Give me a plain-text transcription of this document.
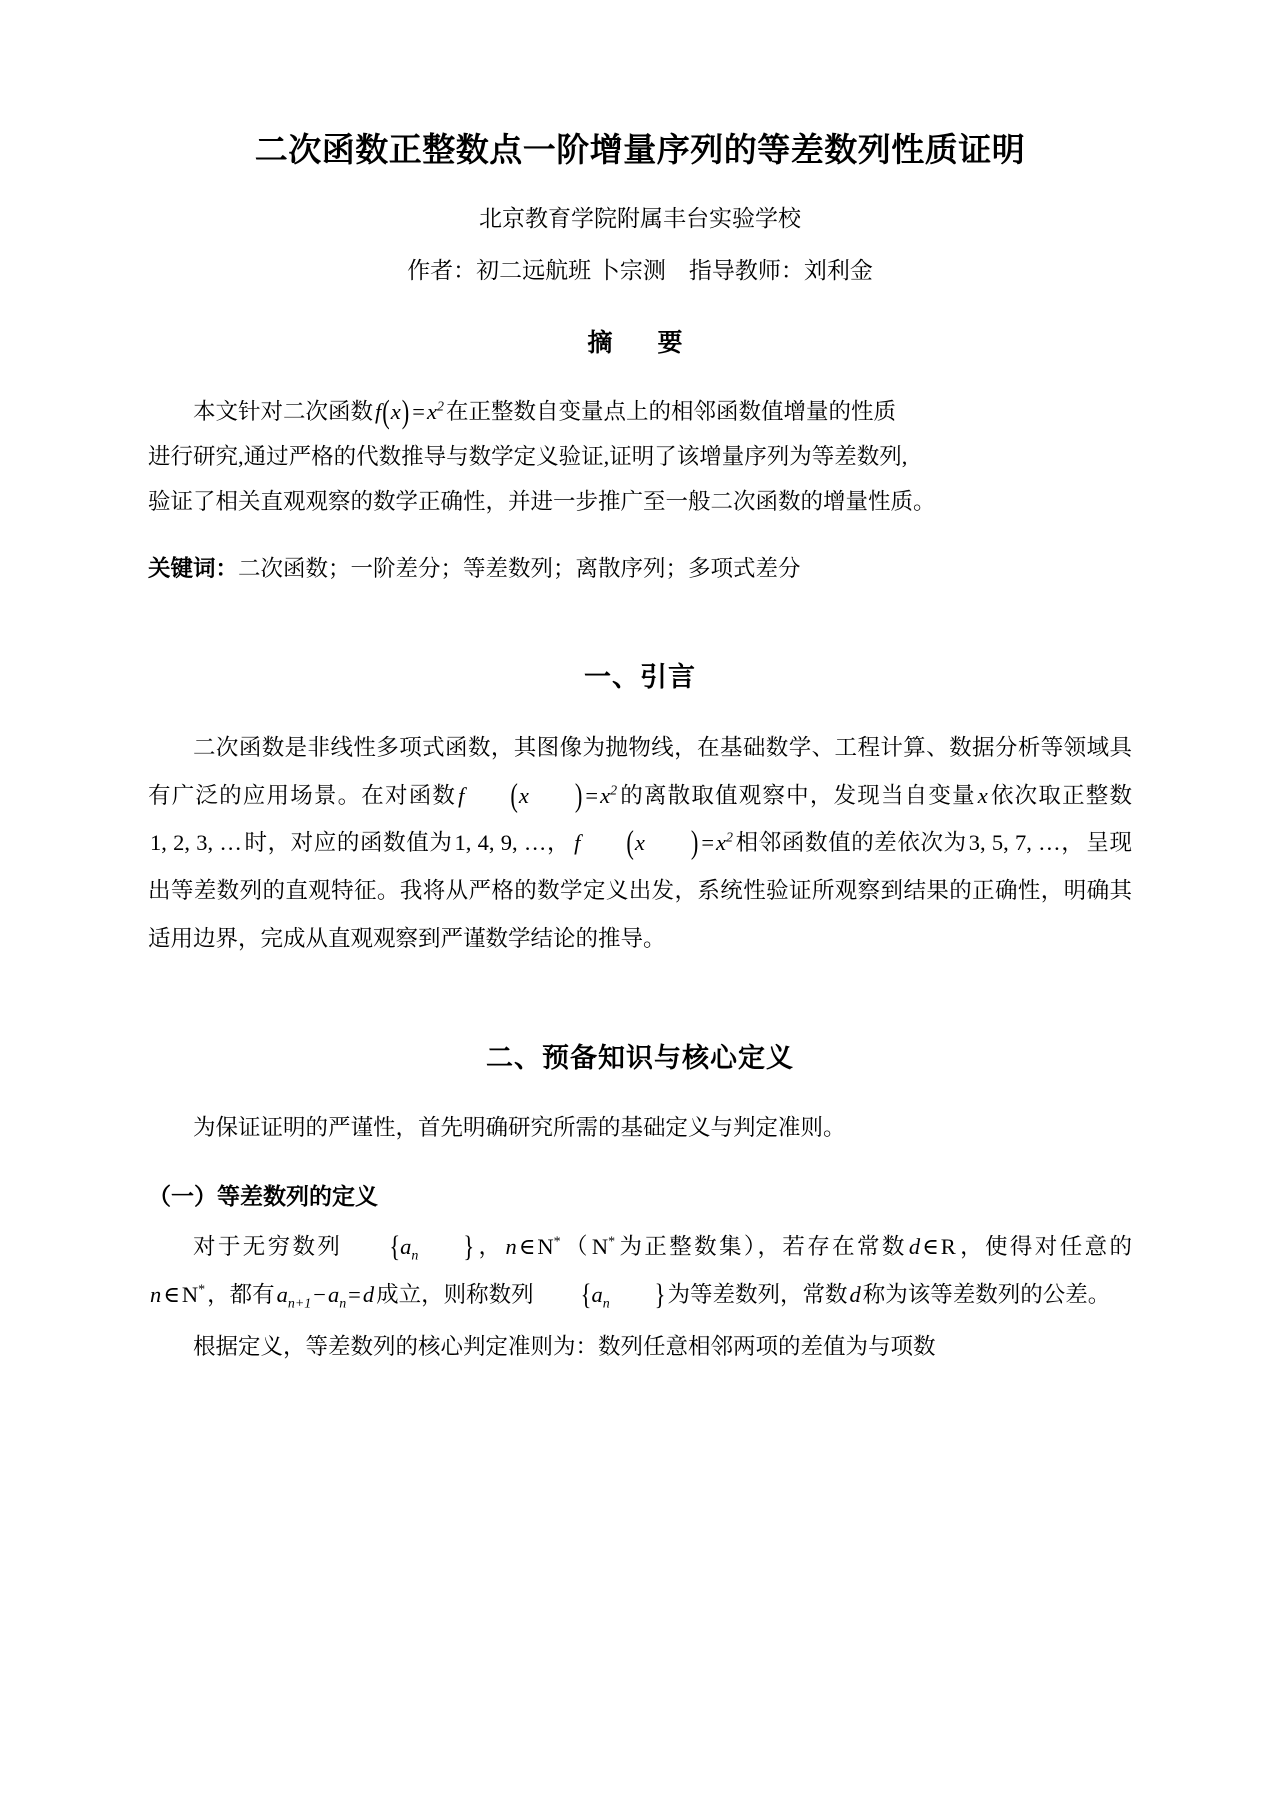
二次函数正整数点一阶增量序列的等差数列性质证明
北京教育学院附属丰台实验学校
作者：初二远航班 卜宗测　指导教师：刘利金
摘　要
本文针对二次函数$f(x) =x^2$在正整数自变量点上的相邻函数值增量的性质
进行研究,通过严格的代数推导与数学定义验证,证明了该增量序列为等差数列,
验证了相关直观观察的数学正确性，并进一步推广至一般二次函数的增量性质。
关键词：二次函数；一阶差分；等差数列；离散序列；多项式差分
一、引言

二次函数是非线性多项式函数，其图像为抛物线，在基础数学、工程计算、数据分析等领域具有广泛的应用场景。在对函数f (x ) $=x^2$的离散取值观察中，发现当自变量x依次取正整数1, 2, 3, …时，对应的函数值为1, 4, 9, …， f (x ) $=x^2$相邻函数值的差依次为3, 5, 7, …，呈现出等差数列的直观特征。我将从严格的数学定义出发，系统性验证所观察到结果的正确性，明确其适用边界，完成从直观观察到严谨数学结论的推导。

二、预备知识与核心定义

为保证证明的严谨性，首先明确研究所需的基础定义与判定准则。

（一）等差数列的定义

对于无穷数列 {$a_n$ }，n∈N*（N*为正整数集），若存在常数d∈R，使得对任意的n∈N*，都有$a_{n+1}-a_n=d$成立，则称数列 {$a_n$ }为等差数列，常数d称为该等差数列的公差。

根据定义，等差数列的核心判定准则为：数列任意相邻两项的差值为与项数
